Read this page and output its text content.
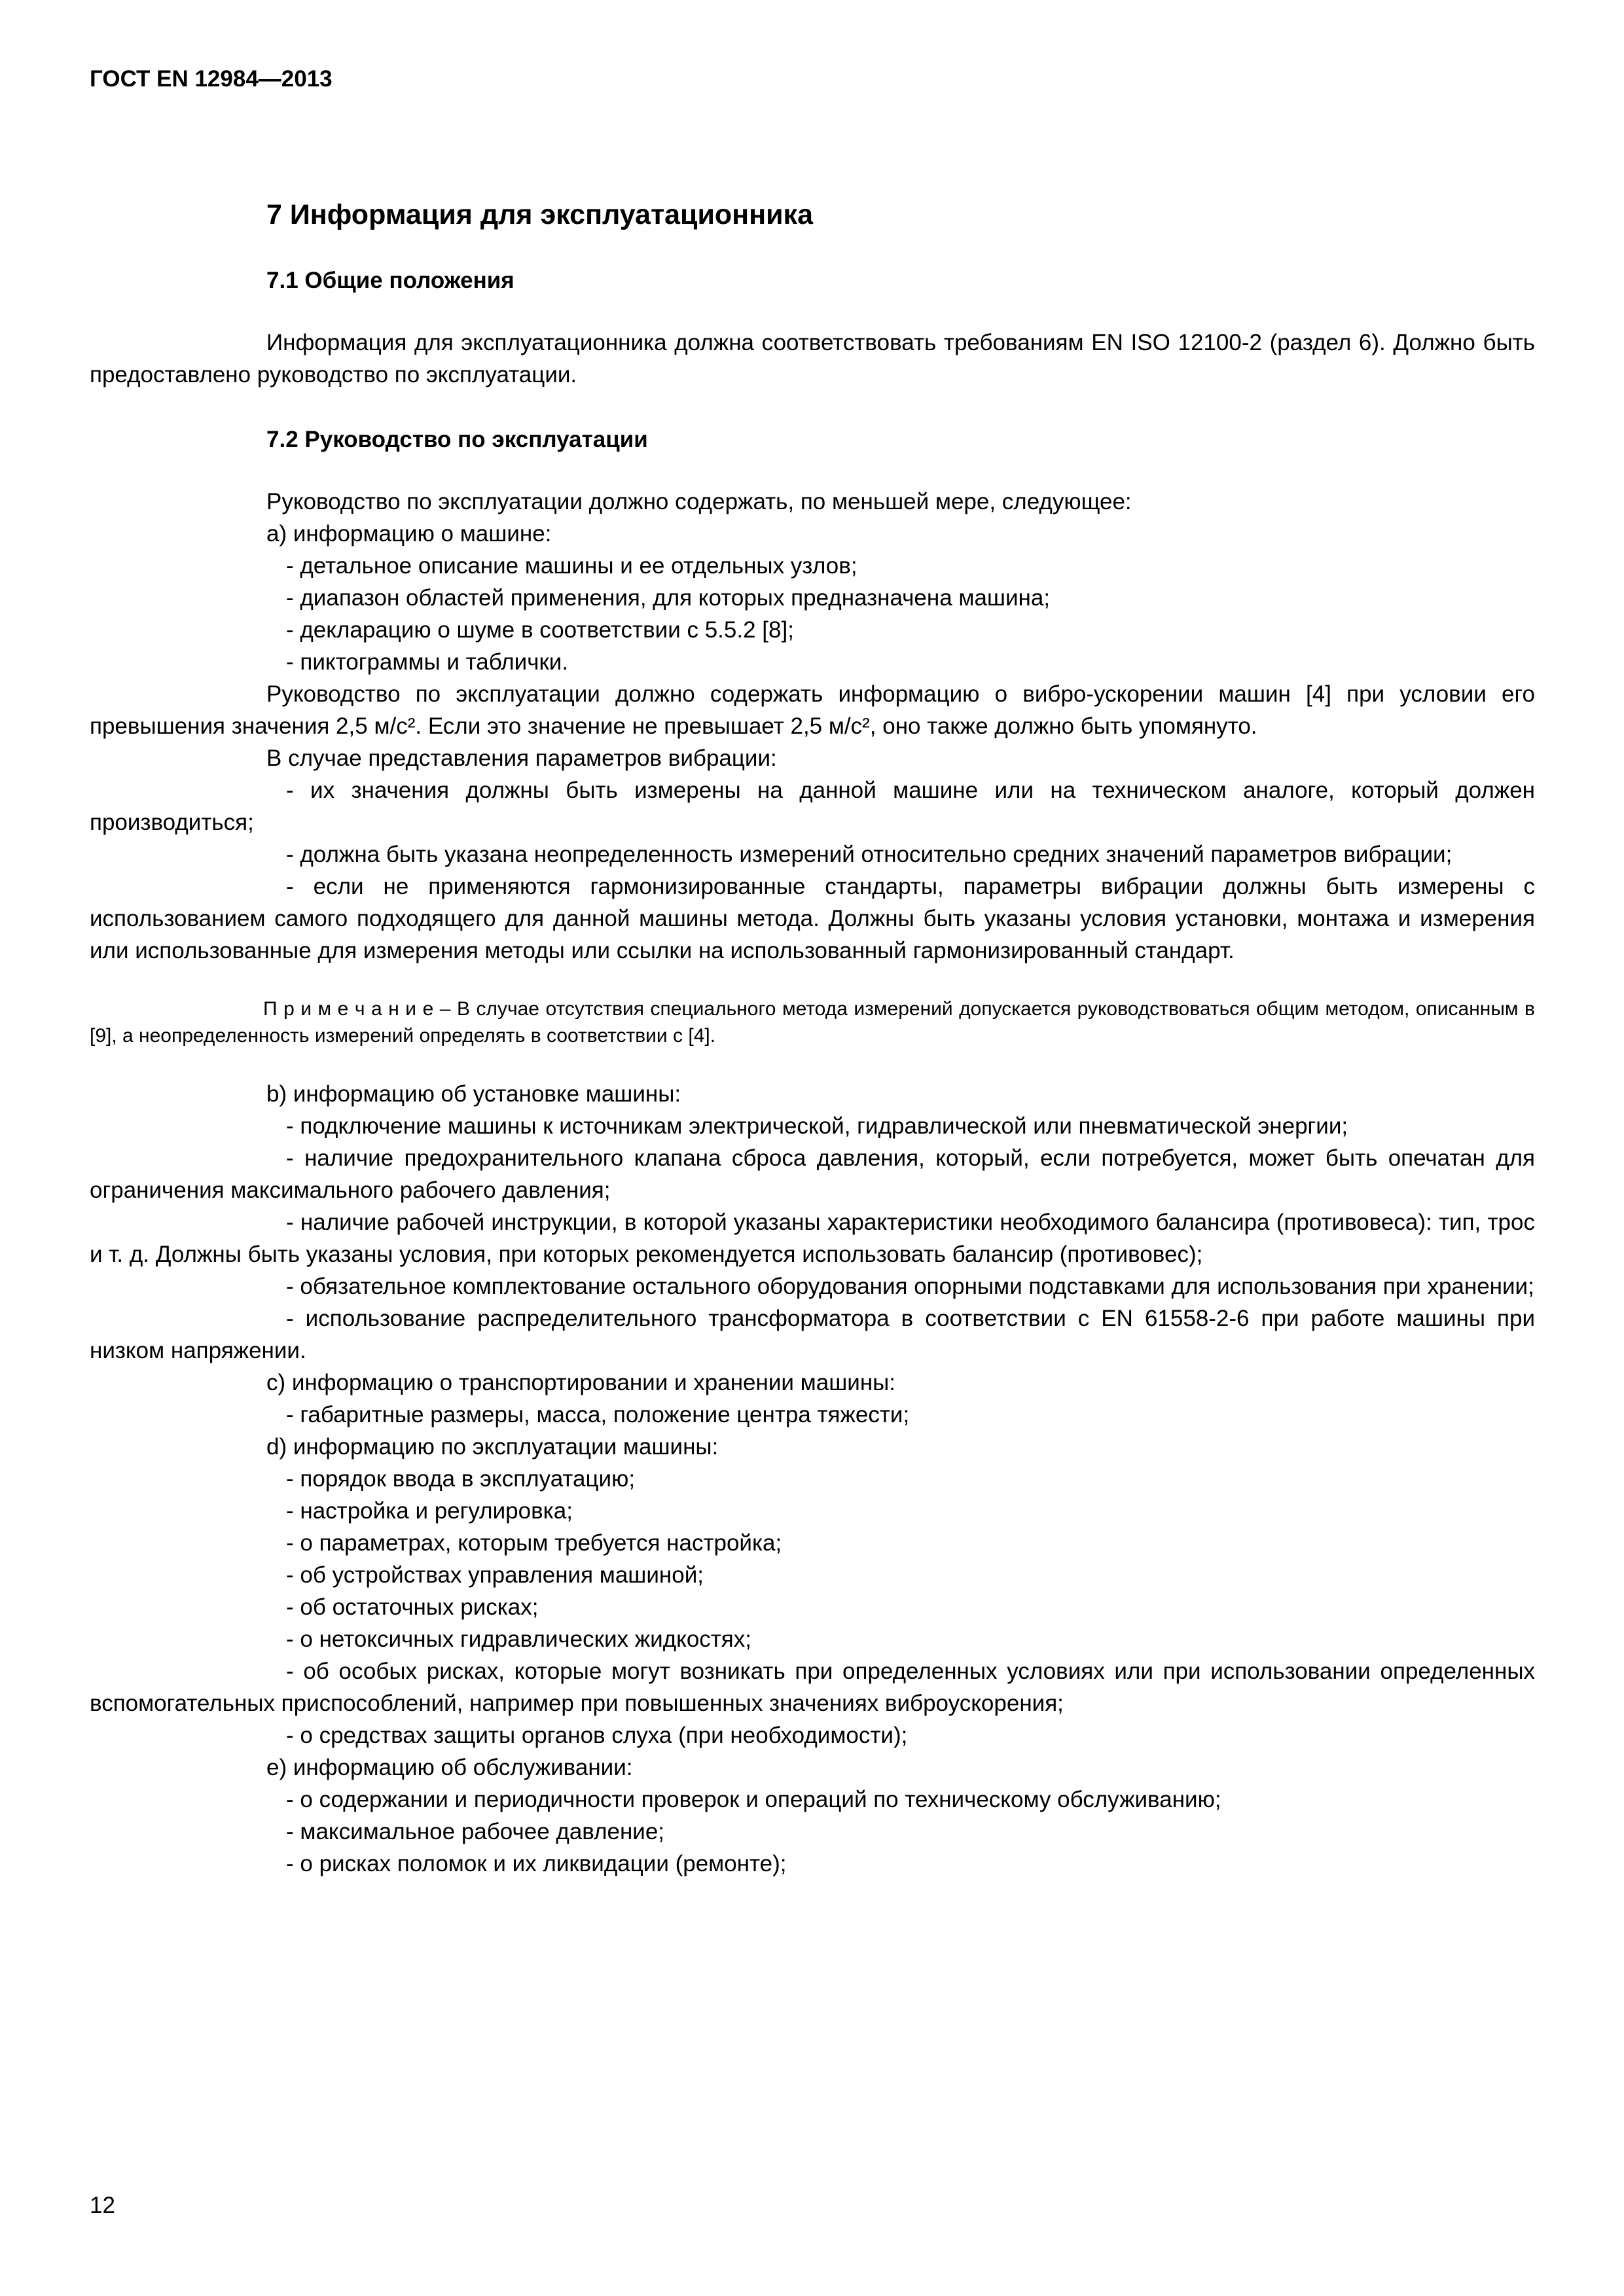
ГОСТ EN 12984—2013
7 Информация для эксплуатационника
7.1 Общие положения

Информация для эксплуатационника должна соответствовать требованиям EN ISO 12100-2 (раздел 6). Должно быть предоставлено руководство по эксплуатации.

7.2 Руководство по эксплуатации

Руководство по эксплуатации должно содержать, по меньшей мере, следующее:

a) информацию о машине:

- детальное описание машины и ее отдельных узлов;

- диапазон областей применения, для которых предназначена машина;

- декларацию о шуме в соответствии с 5.5.2 [8];

- пиктограммы и таблички.

Руководство по эксплуатации должно содержать информацию о вибро-ускорении машин [4] при условии его превышения значения 2,5 м/с². Если это значение не превышает 2,5 м/с², оно также должно быть упомянуто.

В случае представления параметров вибрации:

- их значения должны быть измерены на данной машине или на техническом аналоге, который должен производиться;

- должна быть указана неопределенность измерений относительно средних значений параметров вибрации;

- если не применяются гармонизированные стандарты, параметры вибрации должны быть измерены с использованием самого подходящего для данной машины метода. Должны быть указаны условия установки, монтажа и измерения или использованные для измерения методы или ссылки на использованный гармонизированный стандарт.

П р и м е ч а н и е – В случае отсутствия специального метода измерений допускается руководствоваться общим методом, описанным в [9], а неопределенность измерений определять в соответствии с [4].

b) информацию об установке машины:

- подключение машины к источникам электрической, гидравлической или пневматической энергии;

- наличие предохранительного клапана сброса давления, который, если потребуется, может быть опечатан для ограничения максимального рабочего давления;

- наличие рабочей инструкции, в которой указаны характеристики необходимого балансира (противовеса): тип, трос и т. д. Должны быть указаны условия, при которых рекомендуется использовать балансир (противовес);

- обязательное комплектование остального оборудования опорными подставками для использования при хранении;

- использование распределительного трансформатора в соответствии с EN 61558-2-6 при работе машины при низком напряжении.

c) информацию о транспортировании и хранении машины:

- габаритные размеры, масса, положение центра тяжести;

d) информацию по эксплуатации машины:

- порядок ввода в эксплуатацию;

- настройка и регулировка;

- о параметрах, которым требуется настройка;

- об устройствах управления машиной;

- об остаточных рисках;

- о нетоксичных гидравлических жидкостях;

- об особых рисках, которые могут возникать при определенных условиях или при использовании определенных вспомогательных приспособлений, например при повышенных значениях виброускорения;

- о средствах защиты органов слуха (при необходимости);

e) информацию об обслуживании:

- о содержании и периодичности проверок и операций по техническому обслуживанию;

- максимальное рабочее давление;

- о рисках поломок и их ликвидации (ремонте);

12
